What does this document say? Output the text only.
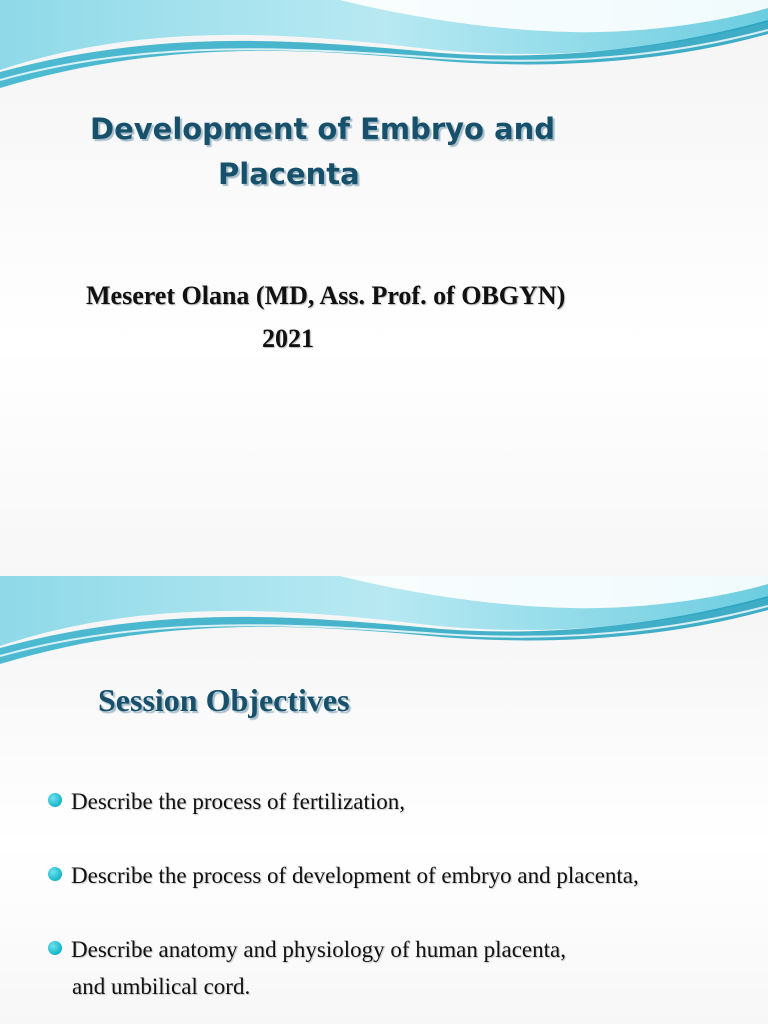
Development of Embryo and
Placenta
Meseret Olana (MD, Ass. Prof. of OBGYN)
2021
Session Objectives
Describe the process of fertilization,
Describe the process of development of embryo and placenta,
Describe anatomy and physiology of human placenta,
and umbilical cord.
